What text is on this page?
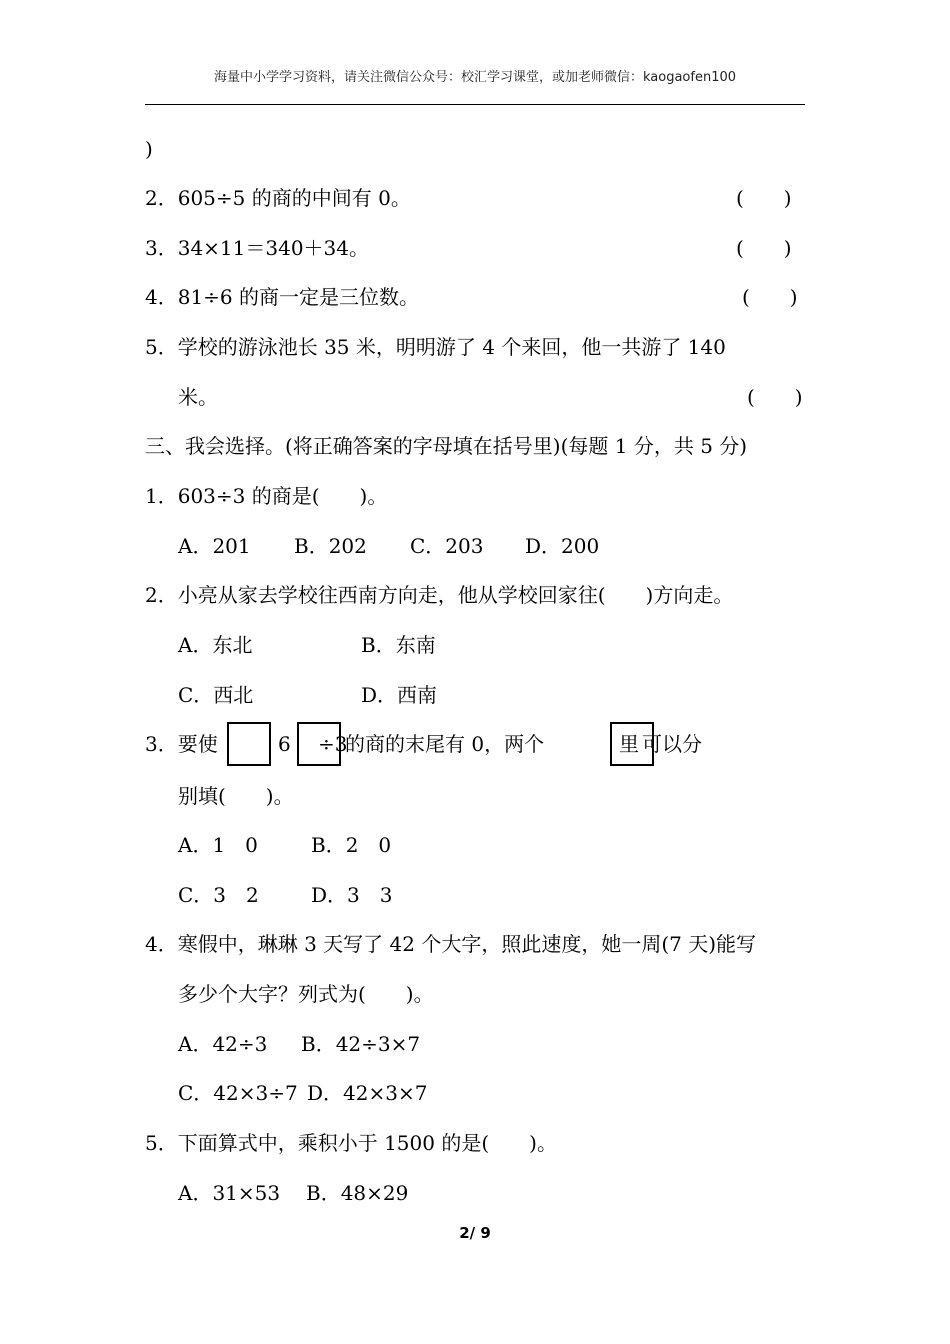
海量中小学学习资料，请关注微信公众号：校汇学习课堂，或加老师微信：kaogaofen100
)
2．605÷5 的商的中间有 0。	(　　)
3．34×11＝340＋34。	(　　)
4．81÷6 的商一定是三位数。	(　　)
5．学校的游泳池长 35 米，明明游了 4 个来回，他一共游了 140
米。	(　　)
三、我会选择。(将正确答案的字母填在括号里)(每题 1 分，共 5 分)
1．603÷3 的商是(　　)。
A．201 B．202 C．203 D．200
2．小亮从家去学校往西南方向走，他从学校回家往(　　)方向走。
A．东北	B．东南
C．西北	D．西南
3．要使	6 ÷3
的商的末尾有 0，两个	里 可以分
别填(　　)。
A．1　0	B．2　0
C．3　2	D．3　3
4．寒假中，琳琳 3 天写了 42 个大字，照此速度，她一周(7 天)能写
多少个大字？列式为(　　)。
A．42÷3 B．42÷3×7
C．42×3÷7 D．42×3×7
5．下面算式中，乘积小于 1500 的是(　　)。
A．31×53 B．48×29
2/ 9
